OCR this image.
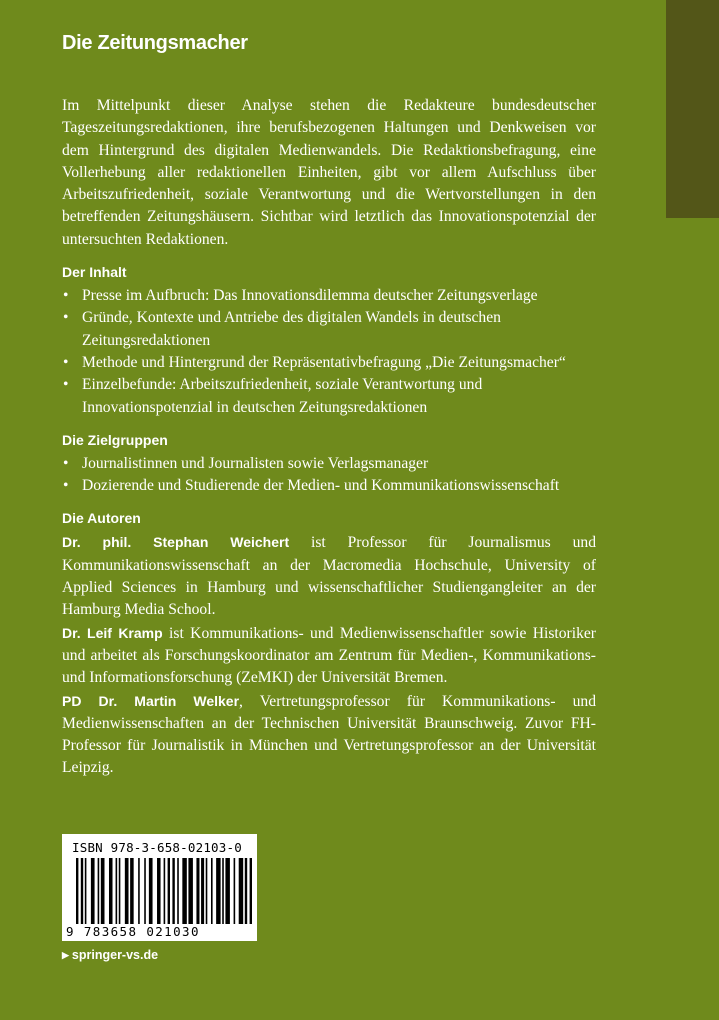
Die Zeitungsmacher

Im Mittelpunkt dieser Analyse stehen die Redakteure bundesdeutscher Tageszeitungsredaktionen, ihre berufsbezogenen Haltungen und Denkweisen vor dem Hintergrund des digitalen Medienwandels. Die Redaktionsbefragung, eine Vollerhebung aller redaktionellen Einheiten, gibt vor allem Aufschluss über Arbeitszufriedenheit, soziale Verantwortung und die Wertvorstellungen in den betreffenden Zeitungshäusern. Sichtbar wird letztlich das Innovationspotenzial der untersuchten Redaktionen.

Der Inhalt
• Presse im Aufbruch: Das Innovationsdilemma deutscher Zeitungsverlage
• Gründe, Kontexte und Antriebe des digitalen Wandels in deutschen Zeitungsredaktionen
• Methode und Hintergrund der Repräsentativbefragung „Die Zeitungsmacher“
• Einzelbefunde: Arbeitszufriedenheit, soziale Verantwortung und Innovationspotenzial in deutschen Zeitungsredaktionen
Die Zielgruppen
• Journalistinnen und Journalisten sowie Verlagsmanager
• Dozierende und Studierende der Medien- und Kommunikationswissenschaft
Die Autoren

Dr. phil. Stephan Weichert ist Professor für Journalismus und Kommunikationswissenschaft an der Macromedia Hochschule, University of Applied Sciences in Hamburg und wissenschaftlicher Studiengangleiter an der Hamburg Media School.

Dr. Leif Kramp ist Kommunikations- und Medienwissenschaftler sowie Historiker und arbeitet als Forschungskoordinator am Zentrum für Medien-, Kommunikations- und Informationsforschung (ZeMKI) der Universität Bremen.

PD Dr. Martin Welker, Vertretungsprofessor für Kommunikations- und Medienwissenschaften an der Technischen Universität Braunschweig. Zuvor FH-Professor für Journalistik in München und Vertretungsprofessor an der Universität Leipzig.

ISBN 978-3-658-02103-0
9 783658 021030
▶ springer-vs.de
